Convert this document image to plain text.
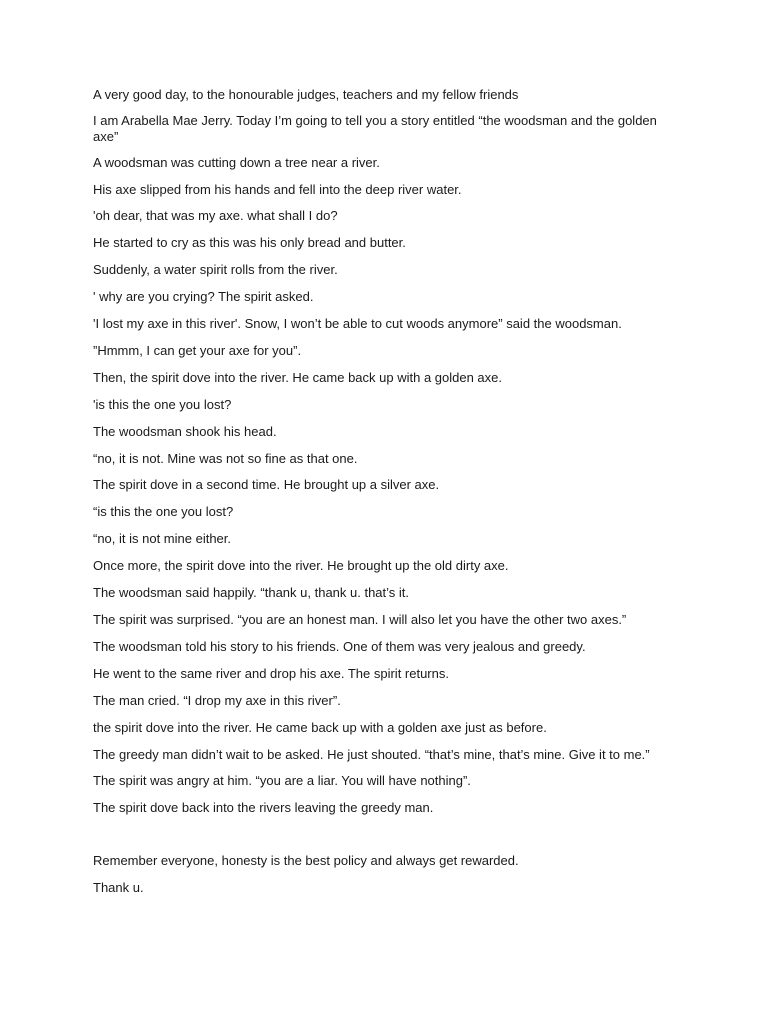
A very good day, to the honourable judges, teachers and my fellow friends

I am Arabella Mae Jerry. Today I’m going to tell you a story entitled “the woodsman and the golden axe”

A woodsman was cutting down a tree near a river.

His axe slipped from his hands and fell into the deep river water.

'oh dear, that was my axe. what shall I do?

He started to cry as this was his only bread and butter.

Suddenly, a water spirit rolls from the river.

' why are you crying? The spirit asked.

'I lost my axe in this river'. Snow, I won’t be able to cut woods anymore” said the woodsman.

”Hmmm, I can get your axe for you”.

Then, the spirit dove into the river. He came back up with a golden axe.

'is this the one you lost?

The woodsman shook his head.

“no, it is not. Mine was not so fine as that one.

The spirit dove in a second time. He brought up a silver axe.

“is this the one you lost?

“no, it is not mine either.

Once more, the spirit dove into the river. He brought up the old dirty axe.

The woodsman said happily. “thank u, thank u. that’s it.

The spirit was surprised. “you are an honest man. I will also let you have the other two axes.”

The woodsman told his story to his friends. One of them was very jealous and greedy.

He went to the same river and drop his axe. The spirit returns.

The man cried. “I drop my axe in this river”.

the spirit dove into the river. He came back up with a golden axe just as before.

The greedy man didn’t wait to be asked. He just shouted. “that’s mine, that’s mine. Give it to me.”

The spirit was angry at him. “you are a liar. You will have nothing”.

The spirit dove back into the rivers leaving the greedy man.

Remember everyone, honesty is the best policy and always get rewarded.

Thank u.
